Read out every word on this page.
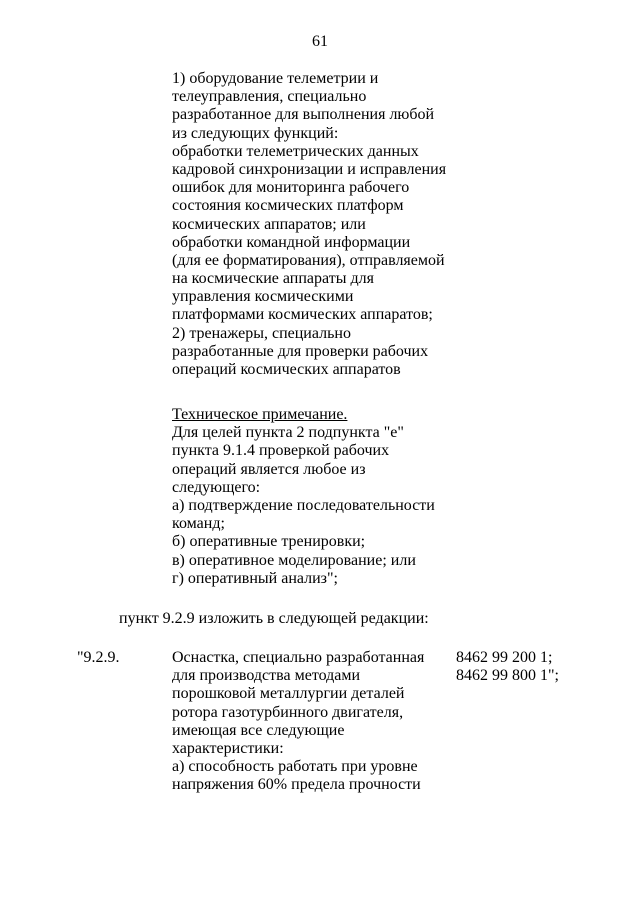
61
1) оборудование телеметрии и
телеуправления, специально
разработанное для выполнения любой
из следующих функций:
обработки телеметрических данных
кадровой синхронизации и исправления
ошибок для мониторинга рабочего
состояния космических платформ
космических аппаратов; или
обработки командной информации
(для ее форматирования), отправляемой
на космические аппараты для
управления космическими
платформами космических аппаратов;
2) тренажеры, специально
разработанные для проверки рабочих
операций космических аппаратов
Техническое примечание.
Для целей пункта 2 подпункта "е"
пункта 9.1.4 проверкой рабочих
операций является любое из
следующего:
а) подтверждение последовательности
команд;
б) оперативные тренировки;
в) оперативное моделирование; или
г) оперативный анализ";
пункт 9.2.9 изложить в следующей редакции:
"9.2.9.	Оснастка, специально разработанная
для производства методами
порошковой металлургии деталей
ротора газотурбинного двигателя,
имеющая все следующие
характеристики:
а) способность работать при уровне
напряжения 60% предела прочности
8462 99 200 1;
8462 99 800 1";
